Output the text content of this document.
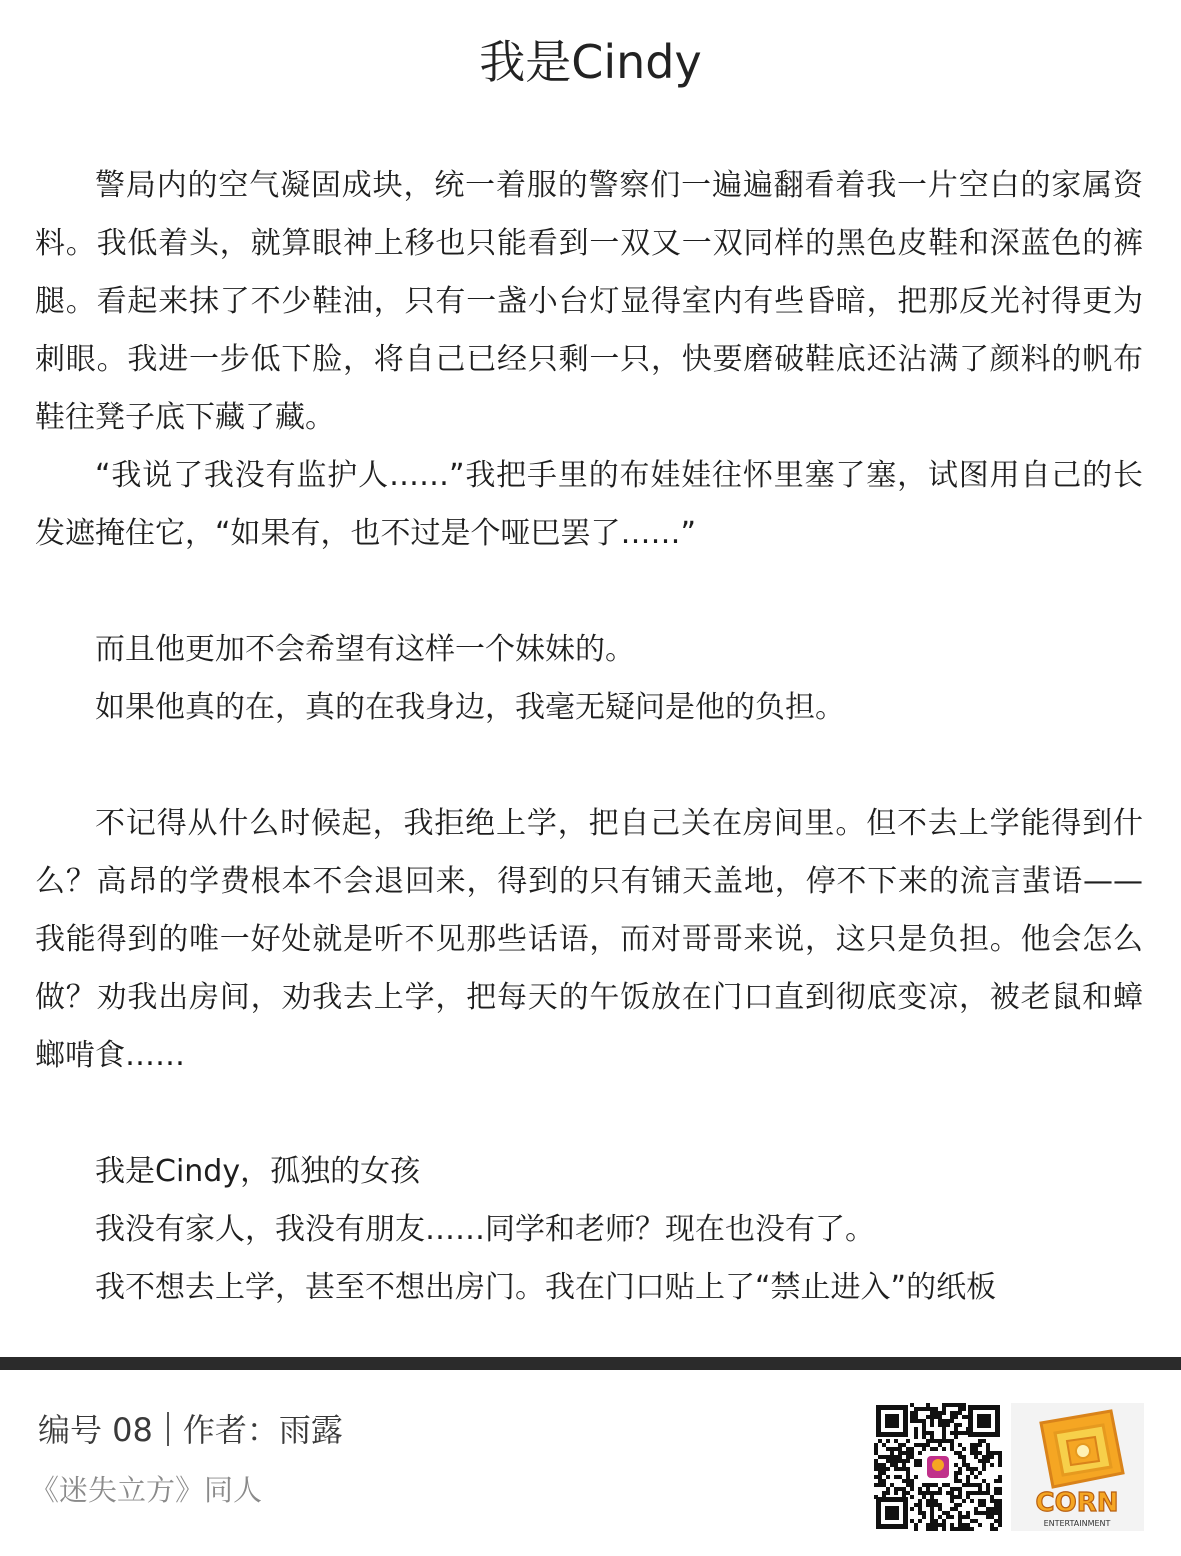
我是Cindy

警局内的空气凝固成块，统一着服的警察们一遍遍翻看着我一片空白的家属资料。我低着头，就算眼神上移也只能看到一双又一双同样的黑色皮鞋和深蓝色的裤腿。看起来抹了不少鞋油，只有一盏小台灯显得室内有些昏暗，把那反光衬得更为刺眼。我进一步低下脸，将自己已经只剩一只，快要磨破鞋底还沾满了颜料的帆布鞋往凳子底下藏了藏。

“我说了我没有监护人……”我把手里的布娃娃往怀里塞了塞，试图用自己的长发遮掩住它，“如果有，也不过是个哑巴罢了……”

而且他更加不会希望有这样一个妹妹的。

如果他真的在，真的在我身边，我毫无疑问是他的负担。

不记得从什么时候起，我拒绝上学，把自己关在房间里。但不去上学能得到什么？高昂的学费根本不会退回来，得到的只有铺天盖地，停不下来的流言蜚语——我能得到的唯一好处就是听不见那些话语，而对哥哥来说，这只是负担。他会怎么做？劝我出房间，劝我去上学，把每天的午饭放在门口直到彻底变凉，被老鼠和蟑螂啃食……

我是Cindy，孤独的女孩

我没有家人，我没有朋友……同学和老师？现在也没有了。

我不想去上学，甚至不想出房门。我在门口贴上了“禁止进入”的纸板

编号 08 作者：雨露
《迷失立方》同人	CORN
ENTERTAINMENT
